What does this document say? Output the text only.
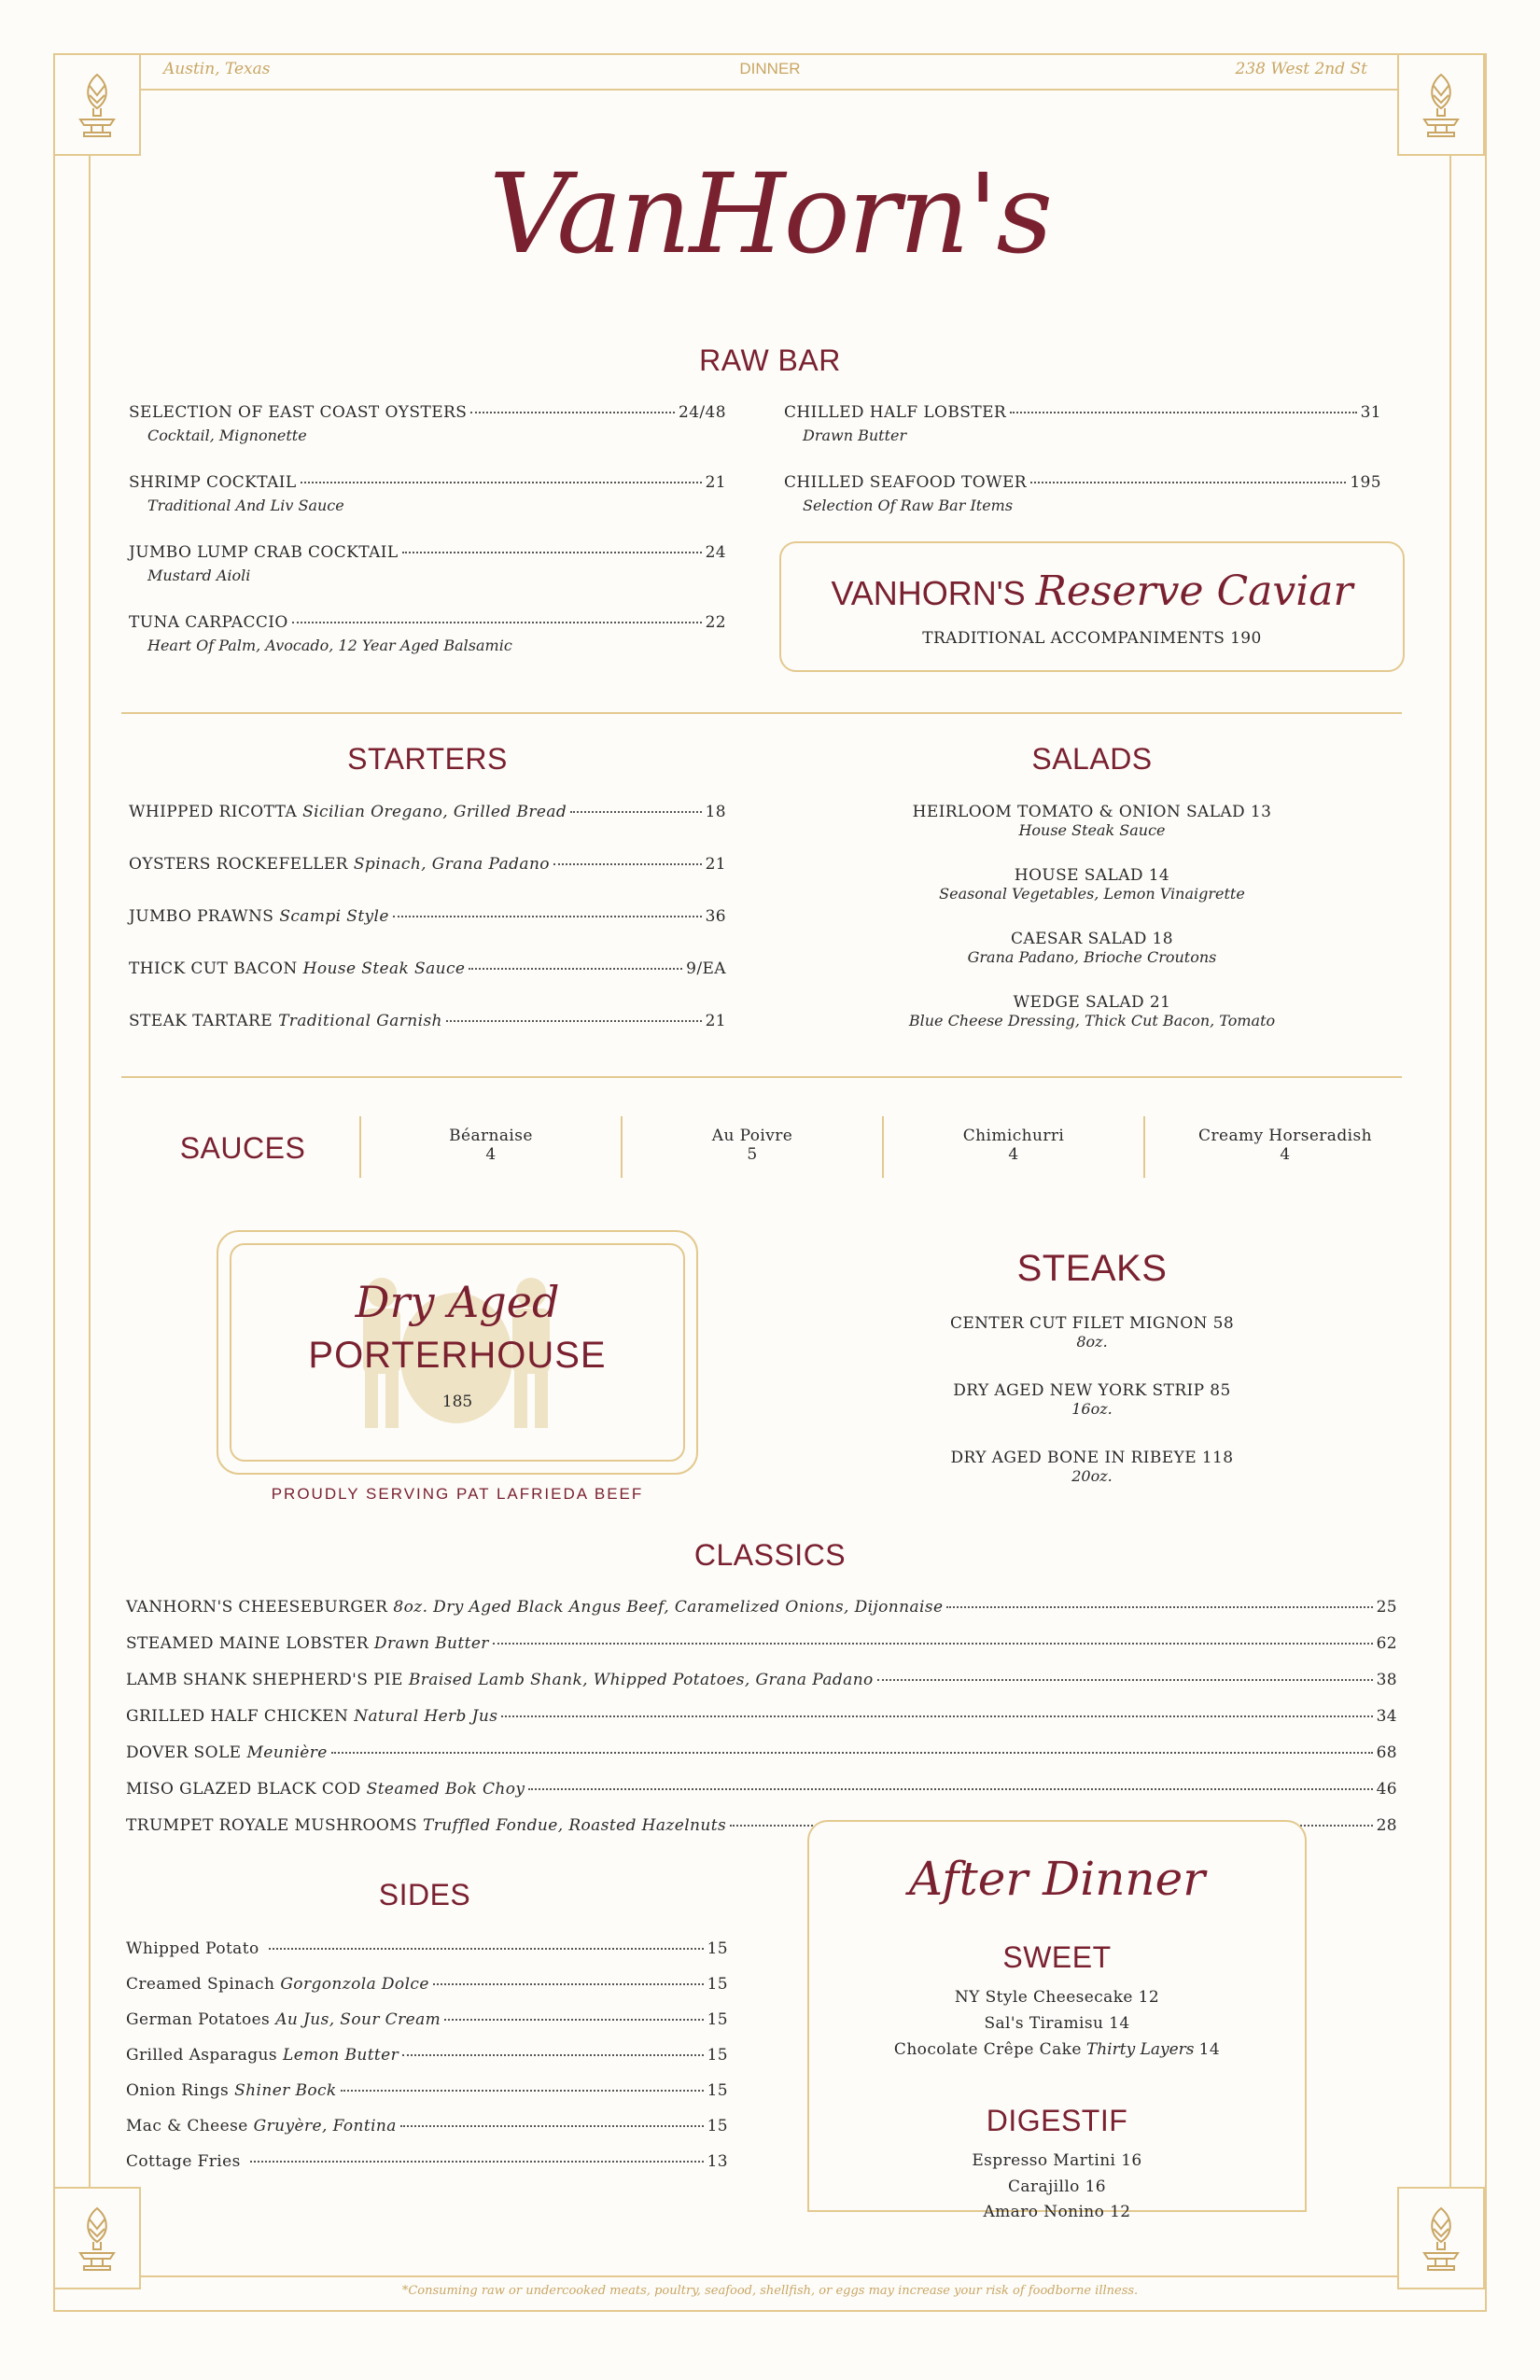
Austin, Texas	DINNER	238 West 2nd St
VanHorn's
RAW BAR
SELECTION OF EAST COAST OYSTERS	24/48
Cocktail, Mignonette
SHRIMP COCKTAIL	21
Traditional And Liv Sauce
JUMBO LUMP CRAB COCKTAIL	24
Mustard Aioli
TUNA CARPACCIO	22
Heart Of Palm, Avocado, 12 Year Aged Balsamic
CHILLED HALF LOBSTER	31
Drawn Butter
CHILLED SEAFOOD TOWER	195
Selection Of Raw Bar Items
VANHORN'S Reserve Caviar
TRADITIONAL ACCOMPANIMENTS 190
STARTERS
WHIPPED RICOTTA Sicilian Oregano, Grilled Bread	18
OYSTERS ROCKEFELLER Spinach, Grana Padano	21
JUMBO PRAWNS Scampi Style	36
THICK CUT BACON House Steak Sauce	9/EA
STEAK TARTARE Traditional Garnish	21
SALADS
HEIRLOOM TOMATO & ONION SALAD 13
House Steak Sauce
HOUSE SALAD 14
Seasonal Vegetables, Lemon Vinaigrette
CAESAR SALAD 18
Grana Padano, Brioche Croutons
WEDGE SALAD 21
Blue Cheese Dressing, Thick Cut Bacon, Tomato
SAUCES	Béarnaise
4
Au Poivre
5
Chimichurri
4
Creamy Horseradish
4
Dry Aged
PORTERHOUSE
185
PROUDLY SERVING PAT LAFRIEDA BEEF
STEAKS
CENTER CUT FILET MIGNON 58
8oz.
DRY AGED NEW YORK STRIP 85
16oz.
DRY AGED BONE IN RIBEYE 118
20oz.
CLASSICS
VANHORN'S CHEESEBURGER 8oz. Dry Aged Black Angus Beef, Caramelized Onions, Dijonnaise	25
STEAMED MAINE LOBSTER Drawn Butter	62
LAMB SHANK SHEPHERD'S PIE Braised Lamb Shank, Whipped Potatoes, Grana Padano	38
GRILLED HALF CHICKEN Natural Herb Jus	34
DOVER SOLE Meunière	68
MISO GLAZED BLACK COD Steamed Bok Choy	46
TRUMPET ROYALE MUSHROOMS Truffled Fondue, Roasted Hazelnuts	28
After Dinner
SWEET
NY Style Cheesecake 12
Sal's Tiramisu 14
Chocolate Crêpe Cake Thirty Layers 14
DIGESTIF
Espresso Martini 16
Carajillo 16
Amaro Nonino 12
SIDES
Whipped Potato	15
Creamed Spinach Gorgonzola Dolce	15
German Potatoes Au Jus, Sour Cream	15
Grilled Asparagus Lemon Butter	15
Onion Rings Shiner Bock	15
Mac & Cheese Gruyère, Fontina	15
Cottage Fries	13
*Consuming raw or undercooked meats, poultry, seafood, shellfish, or eggs may increase your risk of foodborne illness.
